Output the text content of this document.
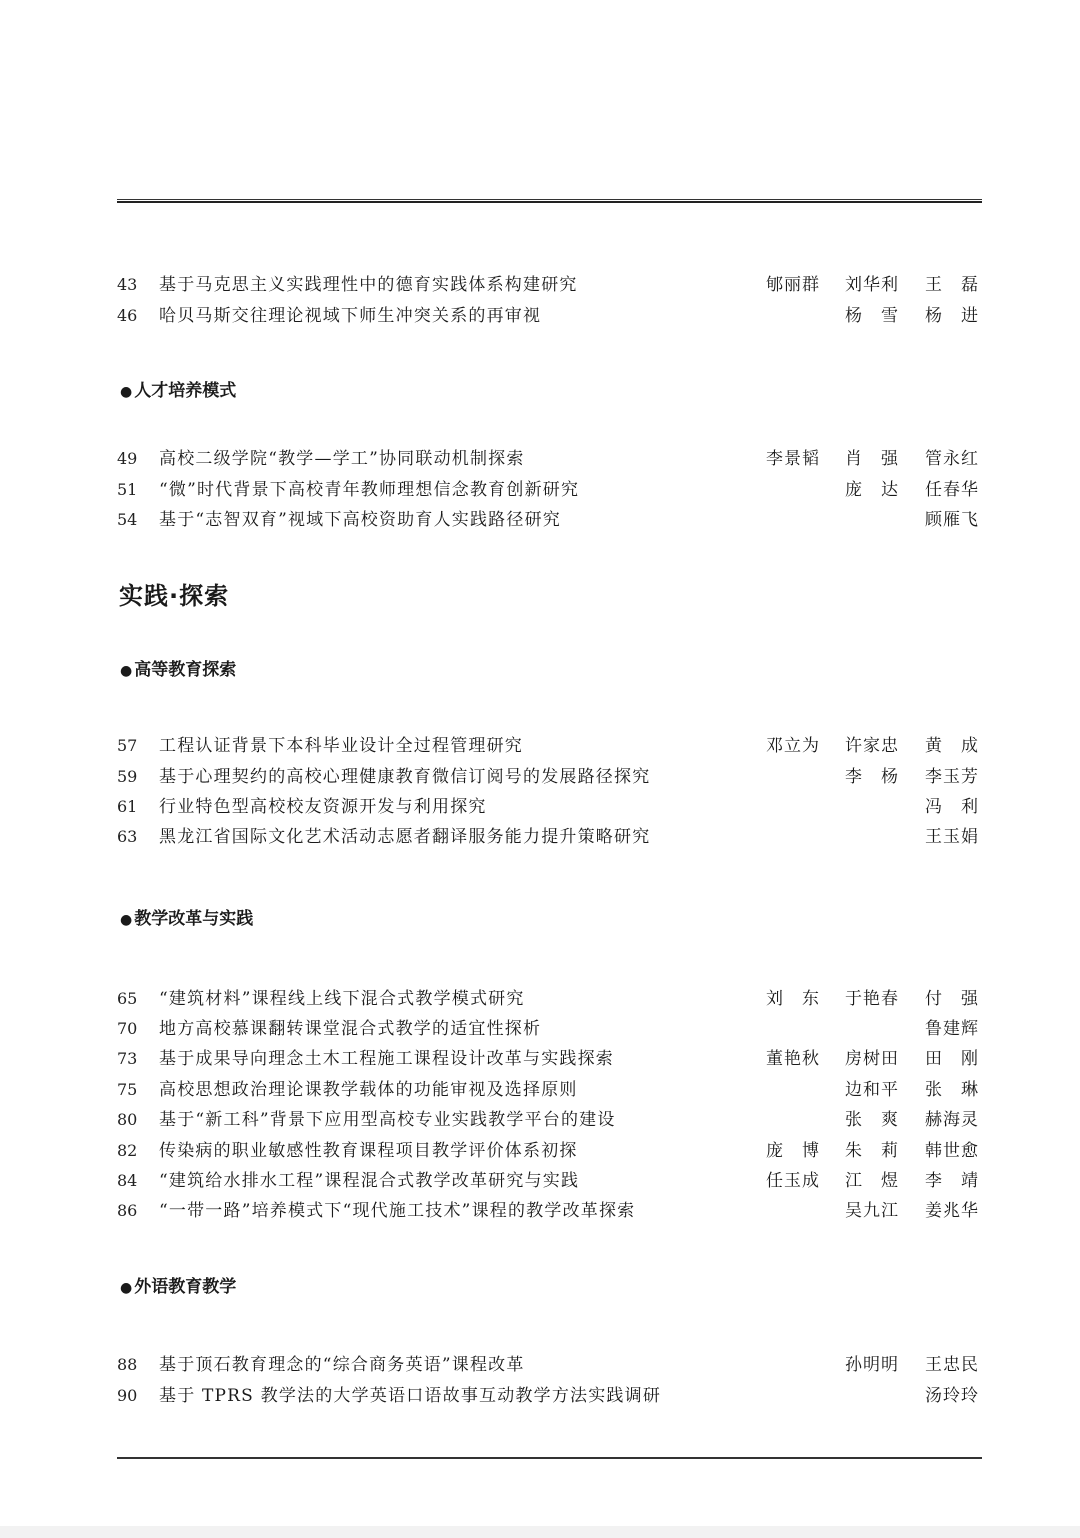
43	基于马克思主义实践理性中的德育实践体系构建研究	郇丽群 刘华利 王　磊
46	哈贝马斯交往理论视域下师生冲突关系的再审视	杨　雪 杨　进
● 人才培养模式
49	高校二级学院“教学—学工”协同联动机制探索	李景韬 肖　强 管永红
51	“微”时代背景下高校青年教师理想信念教育创新研究	庞　达 任春华
54	基于“志智双育”视域下高校资助育人实践路径研究	顾雁飞
实践·探索
● 高等教育探索
57	工程认证背景下本科毕业设计全过程管理研究	邓立为 许家忠 黄　成
59	基于心理契约的高校心理健康教育微信订阅号的发展路径探究	李　杨 李玉芳
61	行业特色型高校校友资源开发与利用探究	冯　利
63	黑龙江省国际文化艺术活动志愿者翻译服务能力提升策略研究	王玉娟
● 教学改革与实践
65	“建筑材料”课程线上线下混合式教学模式研究	刘　东 于艳春 付　强
70	地方高校慕课翻转课堂混合式教学的适宜性探析	鲁建辉
73	基于成果导向理念土木工程施工课程设计改革与实践探索	董艳秋 房树田 田　刚
75	高校思想政治理论课教学载体的功能审视及选择原则	边和平 张　琳
80	基于“新工科”背景下应用型高校专业实践教学平台的建设	张　爽 赫海灵
82	传染病的职业敏感性教育课程项目教学评价体系初探	庞　博 朱　莉 韩世愈
84	“建筑给水排水工程”课程混合式教学改革研究与实践	任玉成 江　煜 李　靖
86	“一带一路”培养模式下“现代施工技术”课程的教学改革探索	吴九江 姜兆华
● 外语教育教学
88	基于顶石教育理念的“综合商务英语”课程改革	孙明明 王忠民
90	基于 TPRS 教学法的大学英语口语故事互动教学方法实践调研	汤玲玲
